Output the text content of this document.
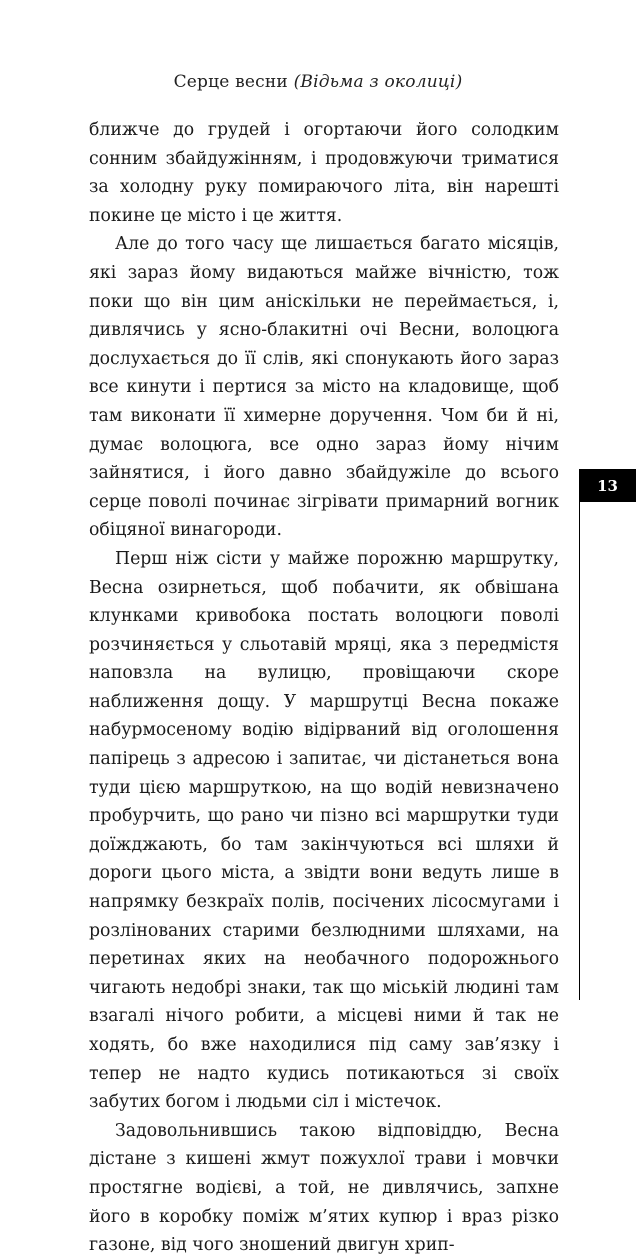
Серце весни (Відьма з околиці)

ближче до грудей і огортаючи його солодким сонним збайдужінням, і продовжуючи триматися за холодну руку помираючого літа, він нарешті покине це місто і це життя.

Але до того часу ще лишається багато місяців, які зараз йому видаються майже вічністю, тож поки що він цим аніскільки не переймається, і, дивлячись у ясно-блакитні очі Весни, волоцюга дослухається до її слів, які спонукають його зараз все кинути і пертися за місто на кладовище, щоб там виконати її химерне доручення. Чом би й ні, думає волоцюга, все одно зараз йому нічим зайнятися, і його давно збайдужіле до всього серце поволі починає зігрівати примарний вогник обіцяної винагороди.

Перш ніж сісти у майже порожню маршрутку, Весна озирнеться, щоб побачити, як обвішана клунками кривобока постать волоцюги поволі розчиняється у сльотавій мряці, яка з передмістя наповзла на вулицю, провіщаючи скоре наближення дощу. У маршрутці Весна покаже набурмосеному водію відірваний від оголошення папірець з адресою і запитає, чи дістанеться вона туди цією маршруткою, на що водій невизначено пробурчить, що рано чи пізно всі маршрутки туди доїжджають, бо там закінчуються всі шляхи й дороги цього міста, а звідти вони ведуть лише в напрямку безкраїх полів, посічених лісосмугами і розлінованих старими безлюдними шляхами, на перетинах яких на необачного подорожнього чигають недобрі знаки, так що міській людині там взагалі нічого робити, а місцеві ними й так не ходять, бо вже находилися під саму зав’язку і тепер не надто кудись потикаються зі своїх забутих богом і людьми сіл і містечок.

Задовольнившись такою відповіддю, Весна дістане з кишені жмут пожухлої трави і мовчки простягне водієві, а той, не дивлячись, запхне його в коробку поміж м’ятих купюр і враз різко газоне, від чого зношений двигун хрип-

13
